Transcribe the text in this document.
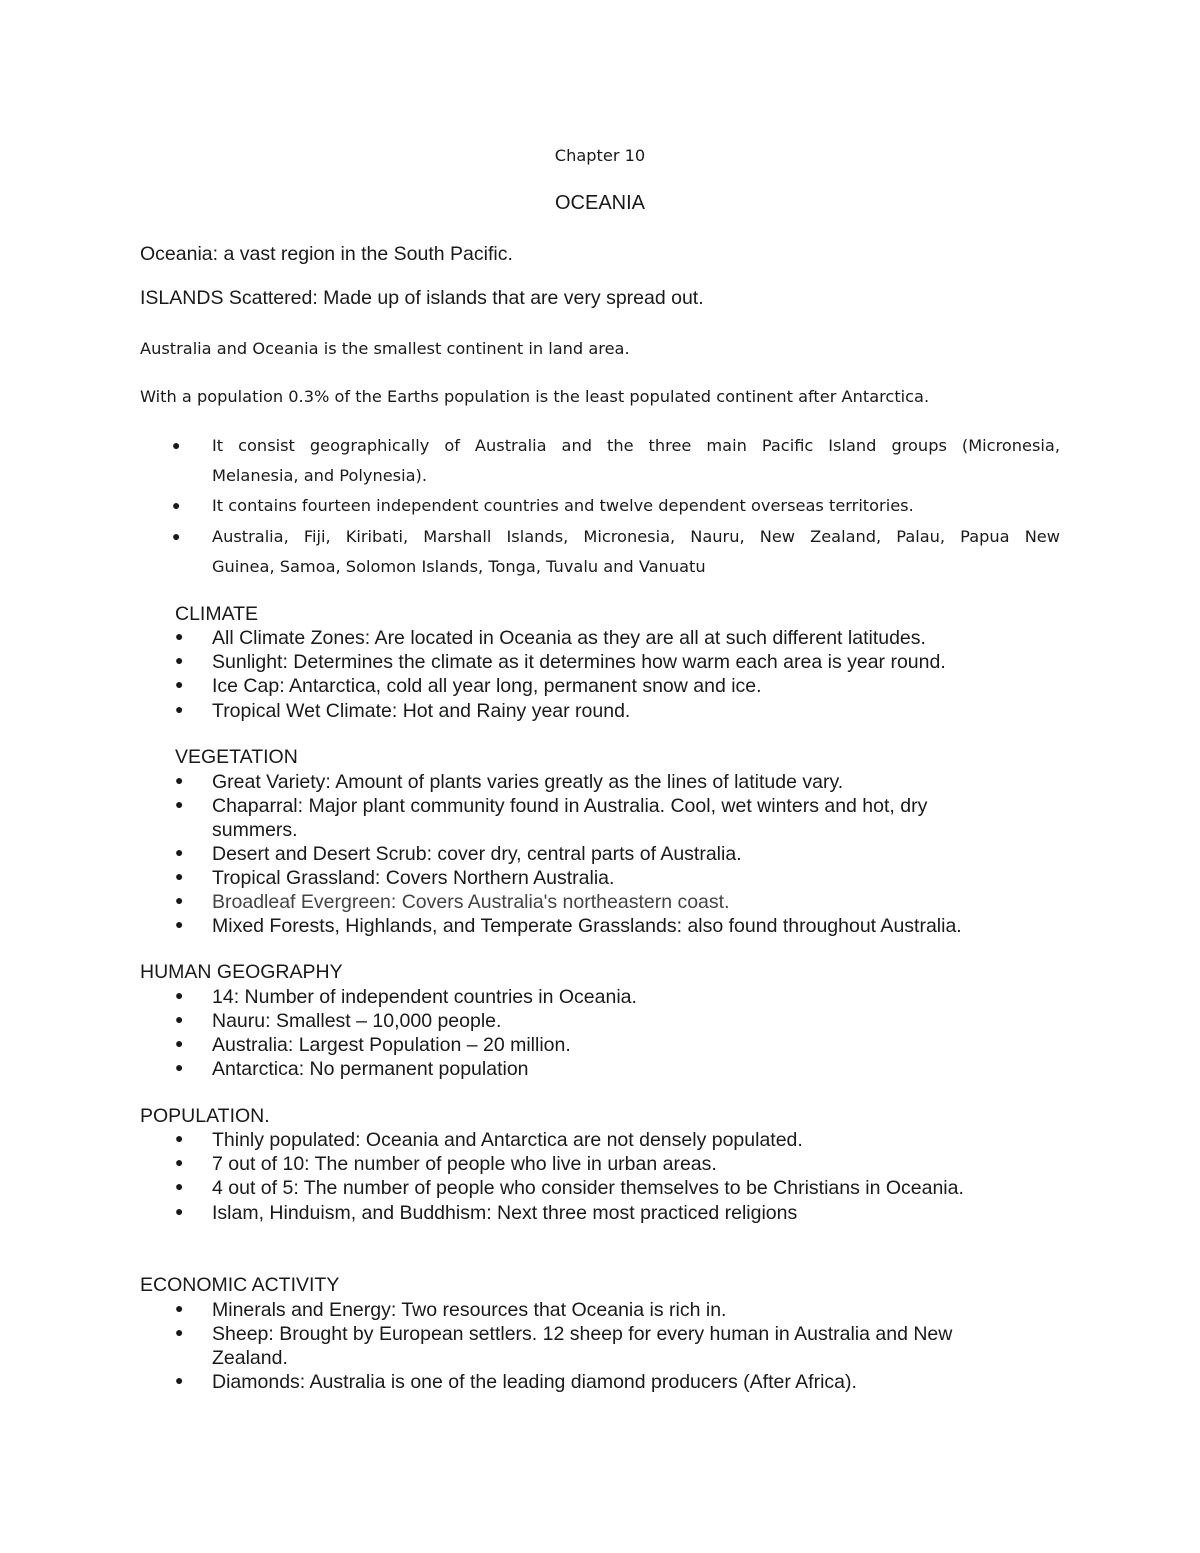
Chapter 10
OCEANIA
Oceania: a vast region in the South Pacific.
ISLANDS Scattered: Made up of islands that are very spread out.
Australia and Oceania is the smallest continent in land area.
With a population 0.3% of the Earths population is the least populated continent after Antarctica.
● It consist geographically of Australia and the three main Pacific Island groups (Micronesia,
Melanesia, and Polynesia).
● It contains fourteen independent countries and twelve dependent overseas territories.
● Australia, Fiji, Kiribati, Marshall Islands, Micronesia, Nauru, New Zealand, Palau, Papua New
Guinea, Samoa, Solomon Islands, Tonga, Tuvalu and Vanuatu
CLIMATE
● All Climate Zones: Are located in Oceania as they are all at such different latitudes.
● Sunlight: Determines the climate as it determines how warm each area is year round.
● Ice Cap: Antarctica, cold all year long, permanent snow and ice.
● Tropical Wet Climate: Hot and Rainy year round.
VEGETATION
● Great Variety: Amount of plants varies greatly as the lines of latitude vary.
● Chaparral: Major plant community found in Australia. Cool, wet winters and hot, dry
summers.
● Desert and Desert Scrub: cover dry, central parts of Australia.
● Tropical Grassland: Covers Northern Australia.
● Broadleaf Evergreen: Covers Australia's northeastern coast.
● Mixed Forests, Highlands, and Temperate Grasslands: also found throughout Australia.
HUMAN GEOGRAPHY
● 14: Number of independent countries in Oceania.
● Nauru: Smallest – 10,000 people.
● Australia: Largest Population – 20 million.
● Antarctica: No permanent population
POPULATION.
● Thinly populated: Oceania and Antarctica are not densely populated.
● 7 out of 10: The number of people who live in urban areas.
● 4 out of 5: The number of people who consider themselves to be Christians in Oceania.
● Islam, Hinduism, and Buddhism: Next three most practiced religions
ECONOMIC ACTIVITY
● Minerals and Energy: Two resources that Oceania is rich in.
● Sheep: Brought by European settlers. 12 sheep for every human in Australia and New
Zealand.
● Diamonds: Australia is one of the leading diamond producers (After Africa).
